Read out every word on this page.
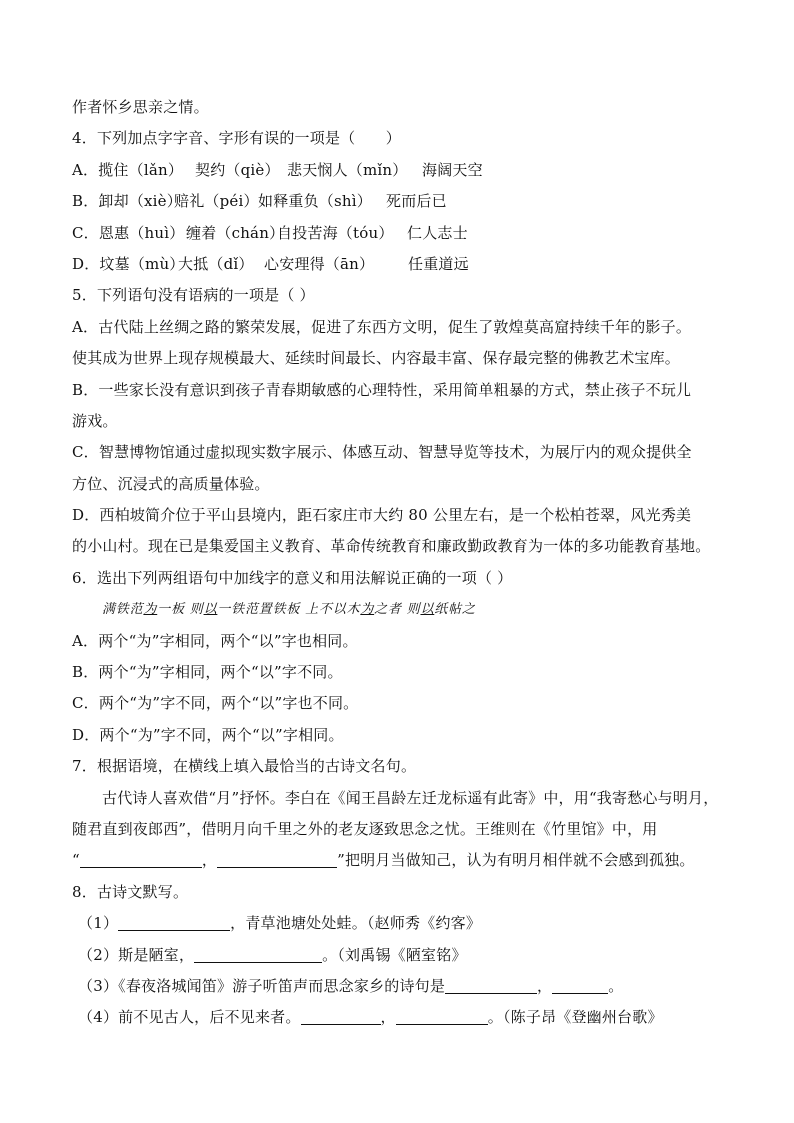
作者怀乡思亲之情。
4．下列加点字字音、字形有误的一项是（　　）
A．揽住（lǎn） 契约（qiè） 悲天悯人（mǐn） 海阔天空
B．卸却（xiè）赔礼（péi）如释重负（shì） 死而后已
C．恩惠（huì） 缠着（chán）自投苦海（tóu） 仁人志士
D．坟墓（mù）大抵（dǐ） 心安理得（ān） 任重道远
5．下列语句没有语病的一项是（ ）
A．古代陆上丝绸之路的繁荣发展，促进了东西方文明，促生了敦煌莫高窟持续千年的影子。
使其成为世界上现存规模最大、延续时间最长、内容最丰富、保存最完整的佛教艺术宝库。
B．一些家长没有意识到孩子青春期敏感的心理特性，采用简单粗暴的方式，禁止孩子不玩儿
游戏。
C．智慧博物馆通过虚拟现实数字展示、体感互动、智慧导览等技术，为展厅内的观众提供全
方位、沉浸式的高质量体验。
D．西柏坡简介位于平山县境内，距石家庄市大约 80 公里左右，是一个松柏苍翠，风光秀美
的小山村。现在已是集爱国主义教育、革命传统教育和廉政勤政教育为一体的多功能教育基地。
6．选出下列两组语句中加线字的意义和用法解说正确的一项（ ）
满铁范为一板 则以一铁范置铁板 上不以木为之者 则以纸帖之
A．两个“为”字相同，两个“以”字也相同。
B．两个“为”字相同，两个“以”字不同。
C．两个“为”字不同，两个“以”字也不同。
D．两个“为”字不同，两个“以”字相同。
7．根据语境，在横线上填入最恰当的古诗文名句。
古代诗人喜欢借“月”抒怀。李白在《闻王昌龄左迁龙标遥有此寄》中，用“我寄愁心与明月，
随君直到夜郎西”，借明月向千里之外的老友逐致思念之忧。王维则在《竹里馆》中，用
“	，	”把明月当做知己，认为有明月相伴就不会感到孤独。
8．古诗文默写。
（1）	，青草池塘处处蛙。（赵师秀《约客》
（2）斯是陋室，	。（刘禹锡《陋室铭》
（3）《春夜洛城闻笛》游子听笛声而思念家乡的诗句是	，	。
（4）前不见古人，后不见来者。	，	。（陈子昂《登幽州台歌》
